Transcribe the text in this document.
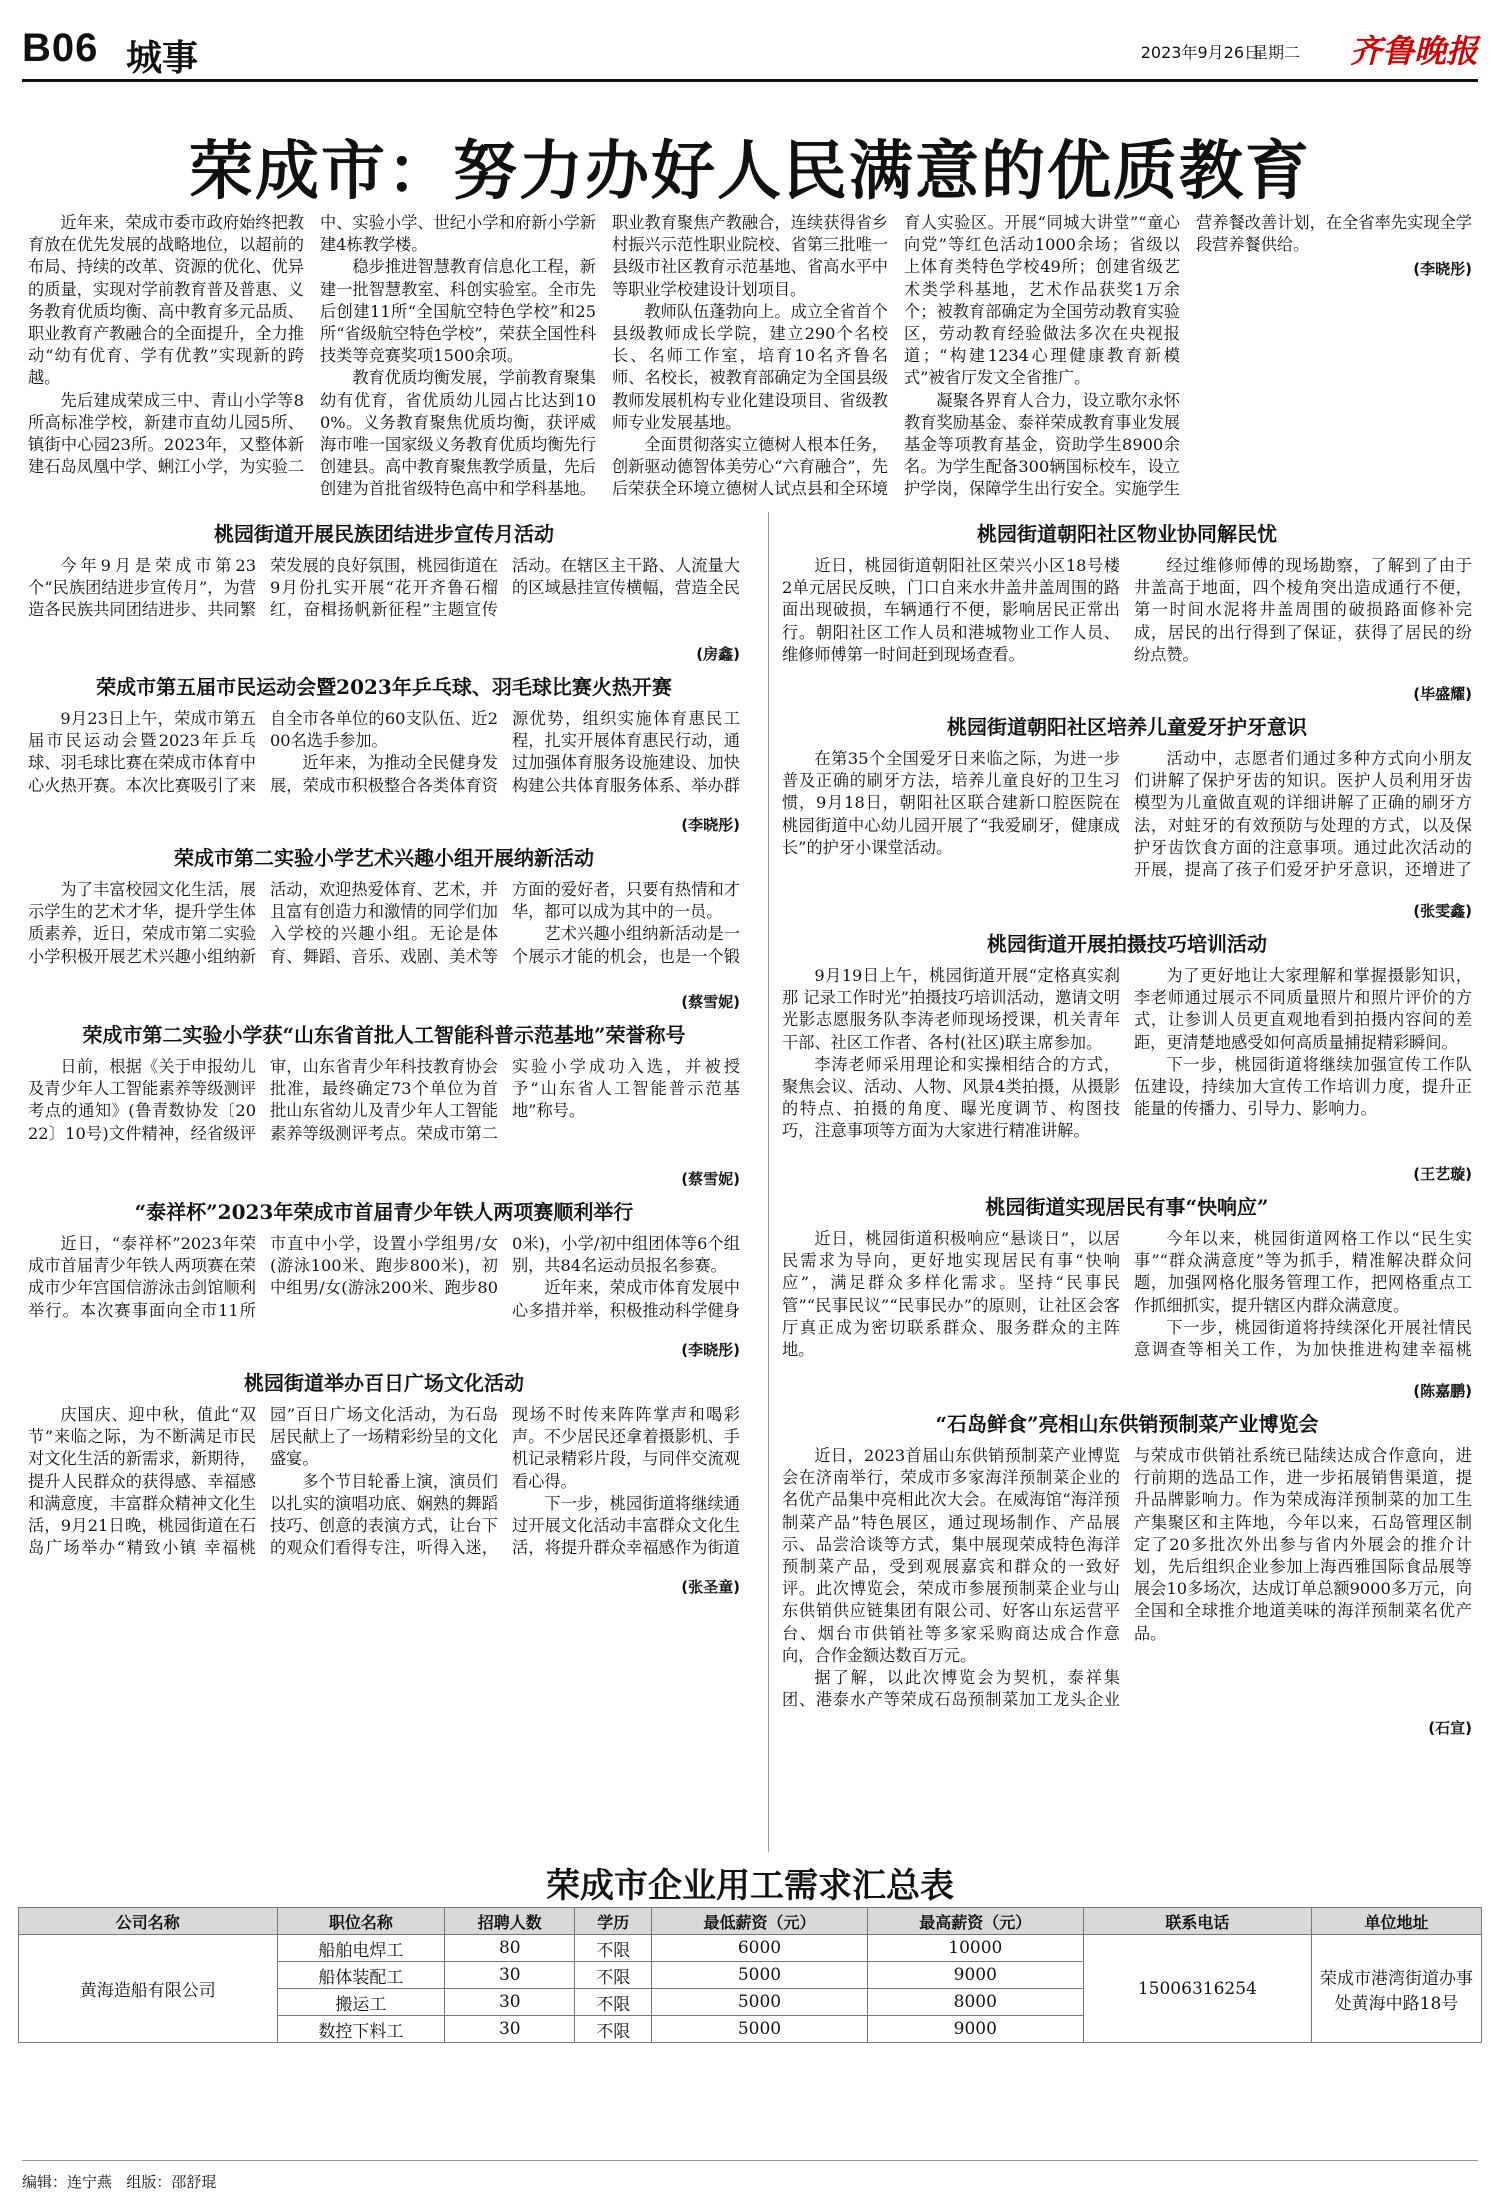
B06 城事	2023年9月26日
星期二 齐鲁晚报
荣成市：努力办好人民满意的优质教育

近年来，荣成市委市政府始终把教育放在优先发展的战略地位，以超前的布局、持续的改革、资源的优化、优异的质量，实现对学前教育普及普惠、义务教育优质均衡、高中教育多元品质、职业教育产教融合的全面提升，全力推动“幼有优育、学有优教”实现新的跨越。

先后建成荣成三中、青山小学等8所高标准学校，新建市直幼儿园5所、镇街中心园23所。2023年，又整体新建石岛凤凰中学、蜊江小学，为实验二中、实验小学、世纪小学和府新小学新建4栋教学楼。

稳步推进智慧教育信息化工程，新建一批智慧教室、科创实验室。全市先后创建11所“全国航空特色学校”和25所“省级航空特色学校”，荣获全国性科技类等竞赛奖项1500余项。

教育优质均衡发展，学前教育聚集幼有优育，省优质幼儿园占比达到100%。义务教育聚焦优质均衡，获评威海市唯一国家级义务教育优质均衡先行创建县。高中教育聚焦教学质量，先后创建为首批省级特色高中和学科基地。职业教育聚焦产教融合，连续获得省乡村振兴示范性职业院校、省第三批唯一县级市社区教育示范基地、省高水平中等职业学校建设计划项目。

教师队伍蓬勃向上。成立全省首个县级教师成长学院，建立290个名校长、名师工作室，培育10名齐鲁名师、名校长，被教育部确定为全国县级教师发展机构专业化建设项目、省级教师专业发展基地。

全面贯彻落实立德树人根本任务，创新驱动德智体美劳心“六育融合”，先后荣获全环境立德树人试点县和全环境育人实验区。开展“同城大讲堂”“童心向党”等红色活动1000余场；省级以上体育类特色学校49所；创建省级艺术类学科基地，艺术作品获奖1万余个；被教育部确定为全国劳动教育实验区，劳动教育经验做法多次在央视报道；“构建1234心理健康教育新模式”被省厅发文全省推广。

凝聚各界育人合力，设立歌尔永怀教育奖励基金、泰祥荣成教育事业发展基金等项教育基金，资助学生8900余名。为学生配备300辆国标校车，设立护学岗，保障学生出行安全。实施学生营养餐改善计划，在全省率先实现全学段营养餐供给。

(李晓彤)
桃园街道开展民族团结进步宣传月活动

今年9月是荣成市第23个“民族团结进步宣传月”，为营造各民族共同团结进步、共同繁荣发展的良好氛围，桃园街道在9月份扎实开展“花开齐鲁石榴红，奋楫扬帆新征程”主题宣传活动。在辖区主干路、人流量大的区域悬挂宣传横幅，营造全民

(房鑫)
荣成市第五届市民运动会暨2023年乒乓球、羽毛球比赛火热开赛

9月23日上午，荣成市第五届市民运动会暨2023年乒乓球、羽毛球比赛在荣成市体育中心火热开赛。本次比赛吸引了来自全市各单位的60支队伍、近200名选手参加。

近年来，为推动全民健身发展，荣成市积极整合各类体育资源优势，组织实施体育惠民工程，扎实开展体育惠民行动，通过加强体育服务设施建设、加快构建公共体育服务体系、举办群

(李晓彤)
荣成市第二实验小学艺术兴趣小组开展纳新活动

为了丰富校园文化生活，展示学生的艺术才华，提升学生体质素养，近日，荣成市第二实验小学积极开展艺术兴趣小组纳新活动，欢迎热爱体育、艺术，并且富有创造力和激情的同学们加入学校的兴趣小组。无论是体育、舞蹈、音乐、戏剧、美术等方面的爱好者，只要有热情和才华，都可以成为其中的一员。

艺术兴趣小组纳新活动是一个展示才能的机会，也是一个锻

(蔡雪妮)
荣成市第二实验小学获“山东省首批人工智能科普示范基地”荣誉称号

日前，根据《关于申报幼儿及青少年人工智能素养等级测评考点的通知》(鲁青数协发〔2022〕10号)文件精神，经省级评审，山东省青少年科技教育协会批准，最终确定73个单位为首批山东省幼儿及青少年人工智能素养等级测评考点。荣成市第二实验小学成功入选，并被授予“山东省人工智能普示范基地”称号。

(蔡雪妮)
“泰祥杯”2023年荣成市首届青少年铁人两项赛顺利举行

近日，“泰祥杯”2023年荣成市首届青少年铁人两项赛在荣成市少年宫国信游泳击剑馆顺利举行。本次赛事面向全市11所市直中小学，设置小学组男/女(游泳100米、跑步800米)，初中组男/女(游泳200米、跑步800米)，小学/初中组团体等6个组别，共84名运动员报名参赛。

近年来，荣成市体育发展中心多措并举，积极推动科学健身

(李晓彤)
桃园街道举办百日广场文化活动

庆国庆、迎中秋，值此“双节”来临之际，为不断满足市民对文化生活的新需求，新期待，提升人民群众的获得感、幸福感和满意度，丰富群众精神文化生活，9月21日晚，桃园街道在石岛广场举办“精致小镇 幸福桃园”百日广场文化活动，为石岛居民献上了一场精彩纷呈的文化盛宴。

多个节目轮番上演，演员们以扎实的演唱功底、娴熟的舞蹈技巧、创意的表演方式，让台下的观众们看得专注，听得入迷，现场不时传来阵阵掌声和喝彩声。不少居民还拿着摄影机、手机记录精彩片段，与同伴交流观看心得。

下一步，桃园街道将继续通过开展文化活动丰富群众文化生活，将提升群众幸福感作为街道

(张圣童)
桃园街道朝阳社区物业协同解民忧

近日，桃园街道朝阳社区荣兴小区18号楼2单元居民反映，门口自来水井盖井盖周围的路面出现破损，车辆通行不便，影响居民正常出行。朝阳社区工作人员和港城物业工作人员、维修师傅第一时间赶到现场查看。

经过维修师傅的现场勘察，了解到了由于井盖高于地面，四个棱角突出造成通行不便，第一时间水泥将井盖周围的破损路面修补完成，居民的出行得到了保证，获得了居民的纷纷点赞。

(毕盛耀)
桃园街道朝阳社区培养儿童爱牙护牙意识

在第35个全国爱牙日来临之际，为进一步普及正确的刷牙方法，培养儿童良好的卫生习惯，9月18日，朝阳社区联合建新口腔医院在桃园街道中心幼儿园开展了“我爱刷牙，健康成长”的护牙小课堂活动。

活动中，志愿者们通过多种方式向小朋友们讲解了保护牙齿的知识。医护人员利用牙齿模型为儿童做直观的详细讲解了正确的刷牙方法，对蛀牙的有效预防与处理的方式，以及保护牙齿饮食方面的注意事项。通过此次活动的开展，提高了孩子们爱牙护牙意识，还增进了

(张雯鑫)
桃园街道开展拍摄技巧培训活动

9月19日上午，桃园街道开展“定格真实刹那 记录工作时光”拍摄技巧培训活动，邀请文明光影志愿服务队李涛老师现场授课，机关青年干部、社区工作者、各村(社区)联主席参加。

李涛老师采用理论和实操相结合的方式，聚焦会议、活动、人物、风景4类拍摄，从摄影的特点、拍摄的角度、曝光度调节、构图技巧，注意事项等方面为大家进行精准讲解。

为了更好地让大家理解和掌握摄影知识，李老师通过展示不同质量照片和照片评价的方式，让参训人员更直观地看到拍摄内容间的差距，更清楚地感受如何高质量捕捉精彩瞬间。

下一步，桃园街道将继续加强宣传工作队伍建设，持续加大宣传工作培训力度，提升正能量的传播力、引导力、影响力。

(王艺璇)
桃园街道实现居民有事“快响应”

近日，桃园街道积极响应“悬谈日”，以居民需求为导向，更好地实现居民有事“快响应”，满足群众多样化需求。坚持“民事民管”“民事民议”“民事民办”的原则，让社区会客厅真正成为密切联系群众、服务群众的主阵地。

今年以来，桃园街道网格工作以“民生实事”“群众满意度”等为抓手，精准解决群众问题，加强网格化服务管理工作，把网格重点工作抓细抓实，提升辖区内群众满意度。

下一步，桃园街道将持续深化开展社情民意调查等相关工作，为加快推进构建幸福桃

(陈嘉鹏)
“石岛鲜食”亮相山东供销预制菜产业博览会

近日，2023首届山东供销预制菜产业博览会在济南举行，荣成市多家海洋预制菜企业的名优产品集中亮相此次大会。在威海馆“海洋预制菜产品”特色展区，通过现场制作、产品展示、品尝洽谈等方式，集中展现荣成特色海洋预制菜产品，受到观展嘉宾和群众的一致好评。此次博览会，荣成市参展预制菜企业与山东供销供应链集团有限公司、好客山东运营平台、烟台市供销社等多家采购商达成合作意向，合作金额达数百万元。

据了解，以此次博览会为契机，泰祥集团、港泰水产等荣成石岛预制菜加工龙头企业与荣成市供销社系统已陆续达成合作意向，进行前期的选品工作，进一步拓展销售渠道，提升品牌影响力。作为荣成海洋预制菜的加工生产集聚区和主阵地，今年以来，石岛管理区制定了20多批次外出参与省内外展会的推介计划，先后组织企业参加上海西雅国际食品展等展会10多场次，达成订单总额9000多万元，向全国和全球推介地道美味的海洋预制菜名优产品。

(石宣)
荣成市企业用工需求汇总表
公司名称	职位名称	招聘人数	学历	最低薪资（元）	最高薪资（元）	联系电话	单位地址
黄海造船有限公司	船舶电焊工	80	不限	6000	10000	15006316254	荣成市港湾街道办事处黄海中路18号
	船体装配工	30	不限	5000	9000		
	搬运工	30	不限	5000	8000		
	数控下料工	30	不限	5000	9000		
编辑：连宁燕 组版：邵舒琨
